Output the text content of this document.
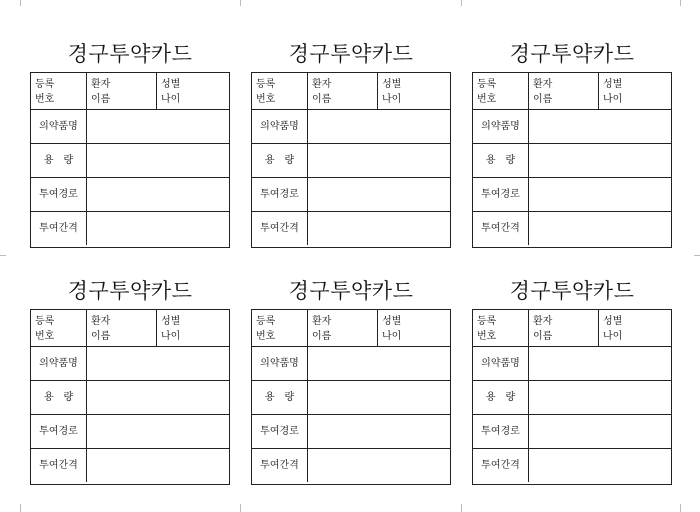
경구투약카드
등록
번호
환자
이름
성별
나이
의약품명
용　량
투여경로
투여간격
경구투약카드
등록
번호
환자
이름
성별
나이
의약품명
용　량
투여경로
투여간격
경구투약카드
등록
번호
환자
이름
성별
나이
의약품명
용　량
투여경로
투여간격
경구투약카드
등록
번호
환자
이름
성별
나이
의약품명
용　량
투여경로
투여간격
경구투약카드
등록
번호
환자
이름
성별
나이
의약품명
용　량
투여경로
투여간격
경구투약카드
등록
번호
환자
이름
성별
나이
의약품명
용　량
투여경로
투여간격
